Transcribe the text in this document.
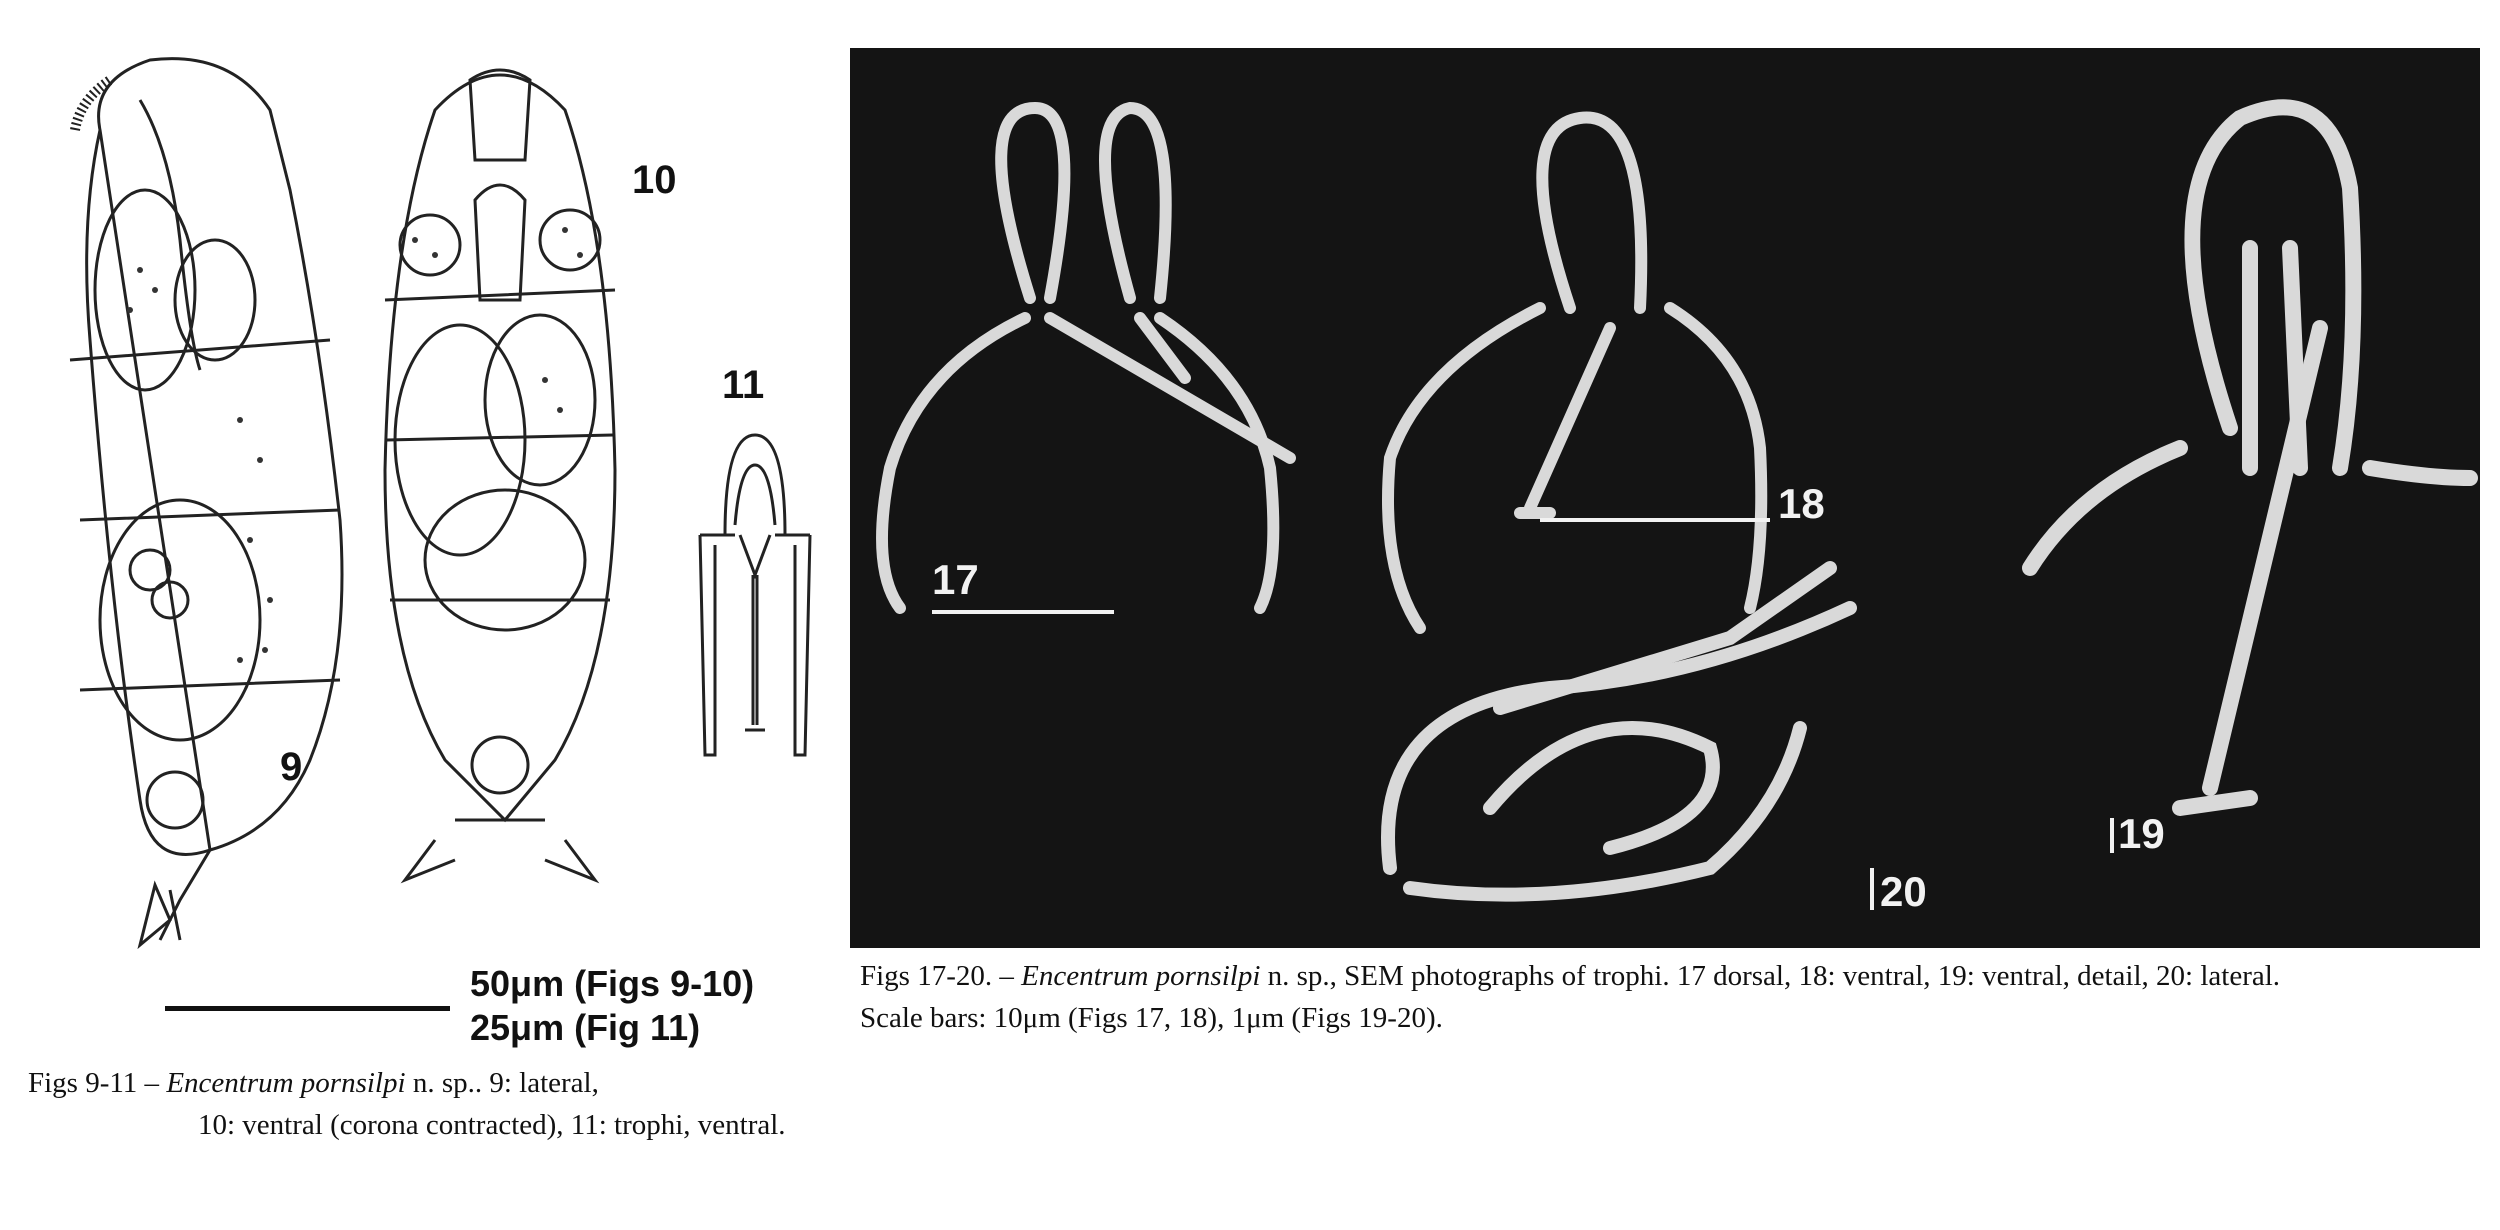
9
10
11
50μm (Figs 9-10)
25μm (Fig 11)
Figs 9-11 – Encentrum pornsilpi n. sp.. 9: lateral,
10: ventral (corona contracted), 11: trophi, ventral.
17
18
19
20
Figs 17-20. – Encentrum pornsilpi n. sp., SEM photographs of trophi. 17 dorsal, 18: ventral, 19: ventral, detail, 20: lateral.
Scale bars: 10μm (Figs 17, 18), 1μm (Figs 19-20).
